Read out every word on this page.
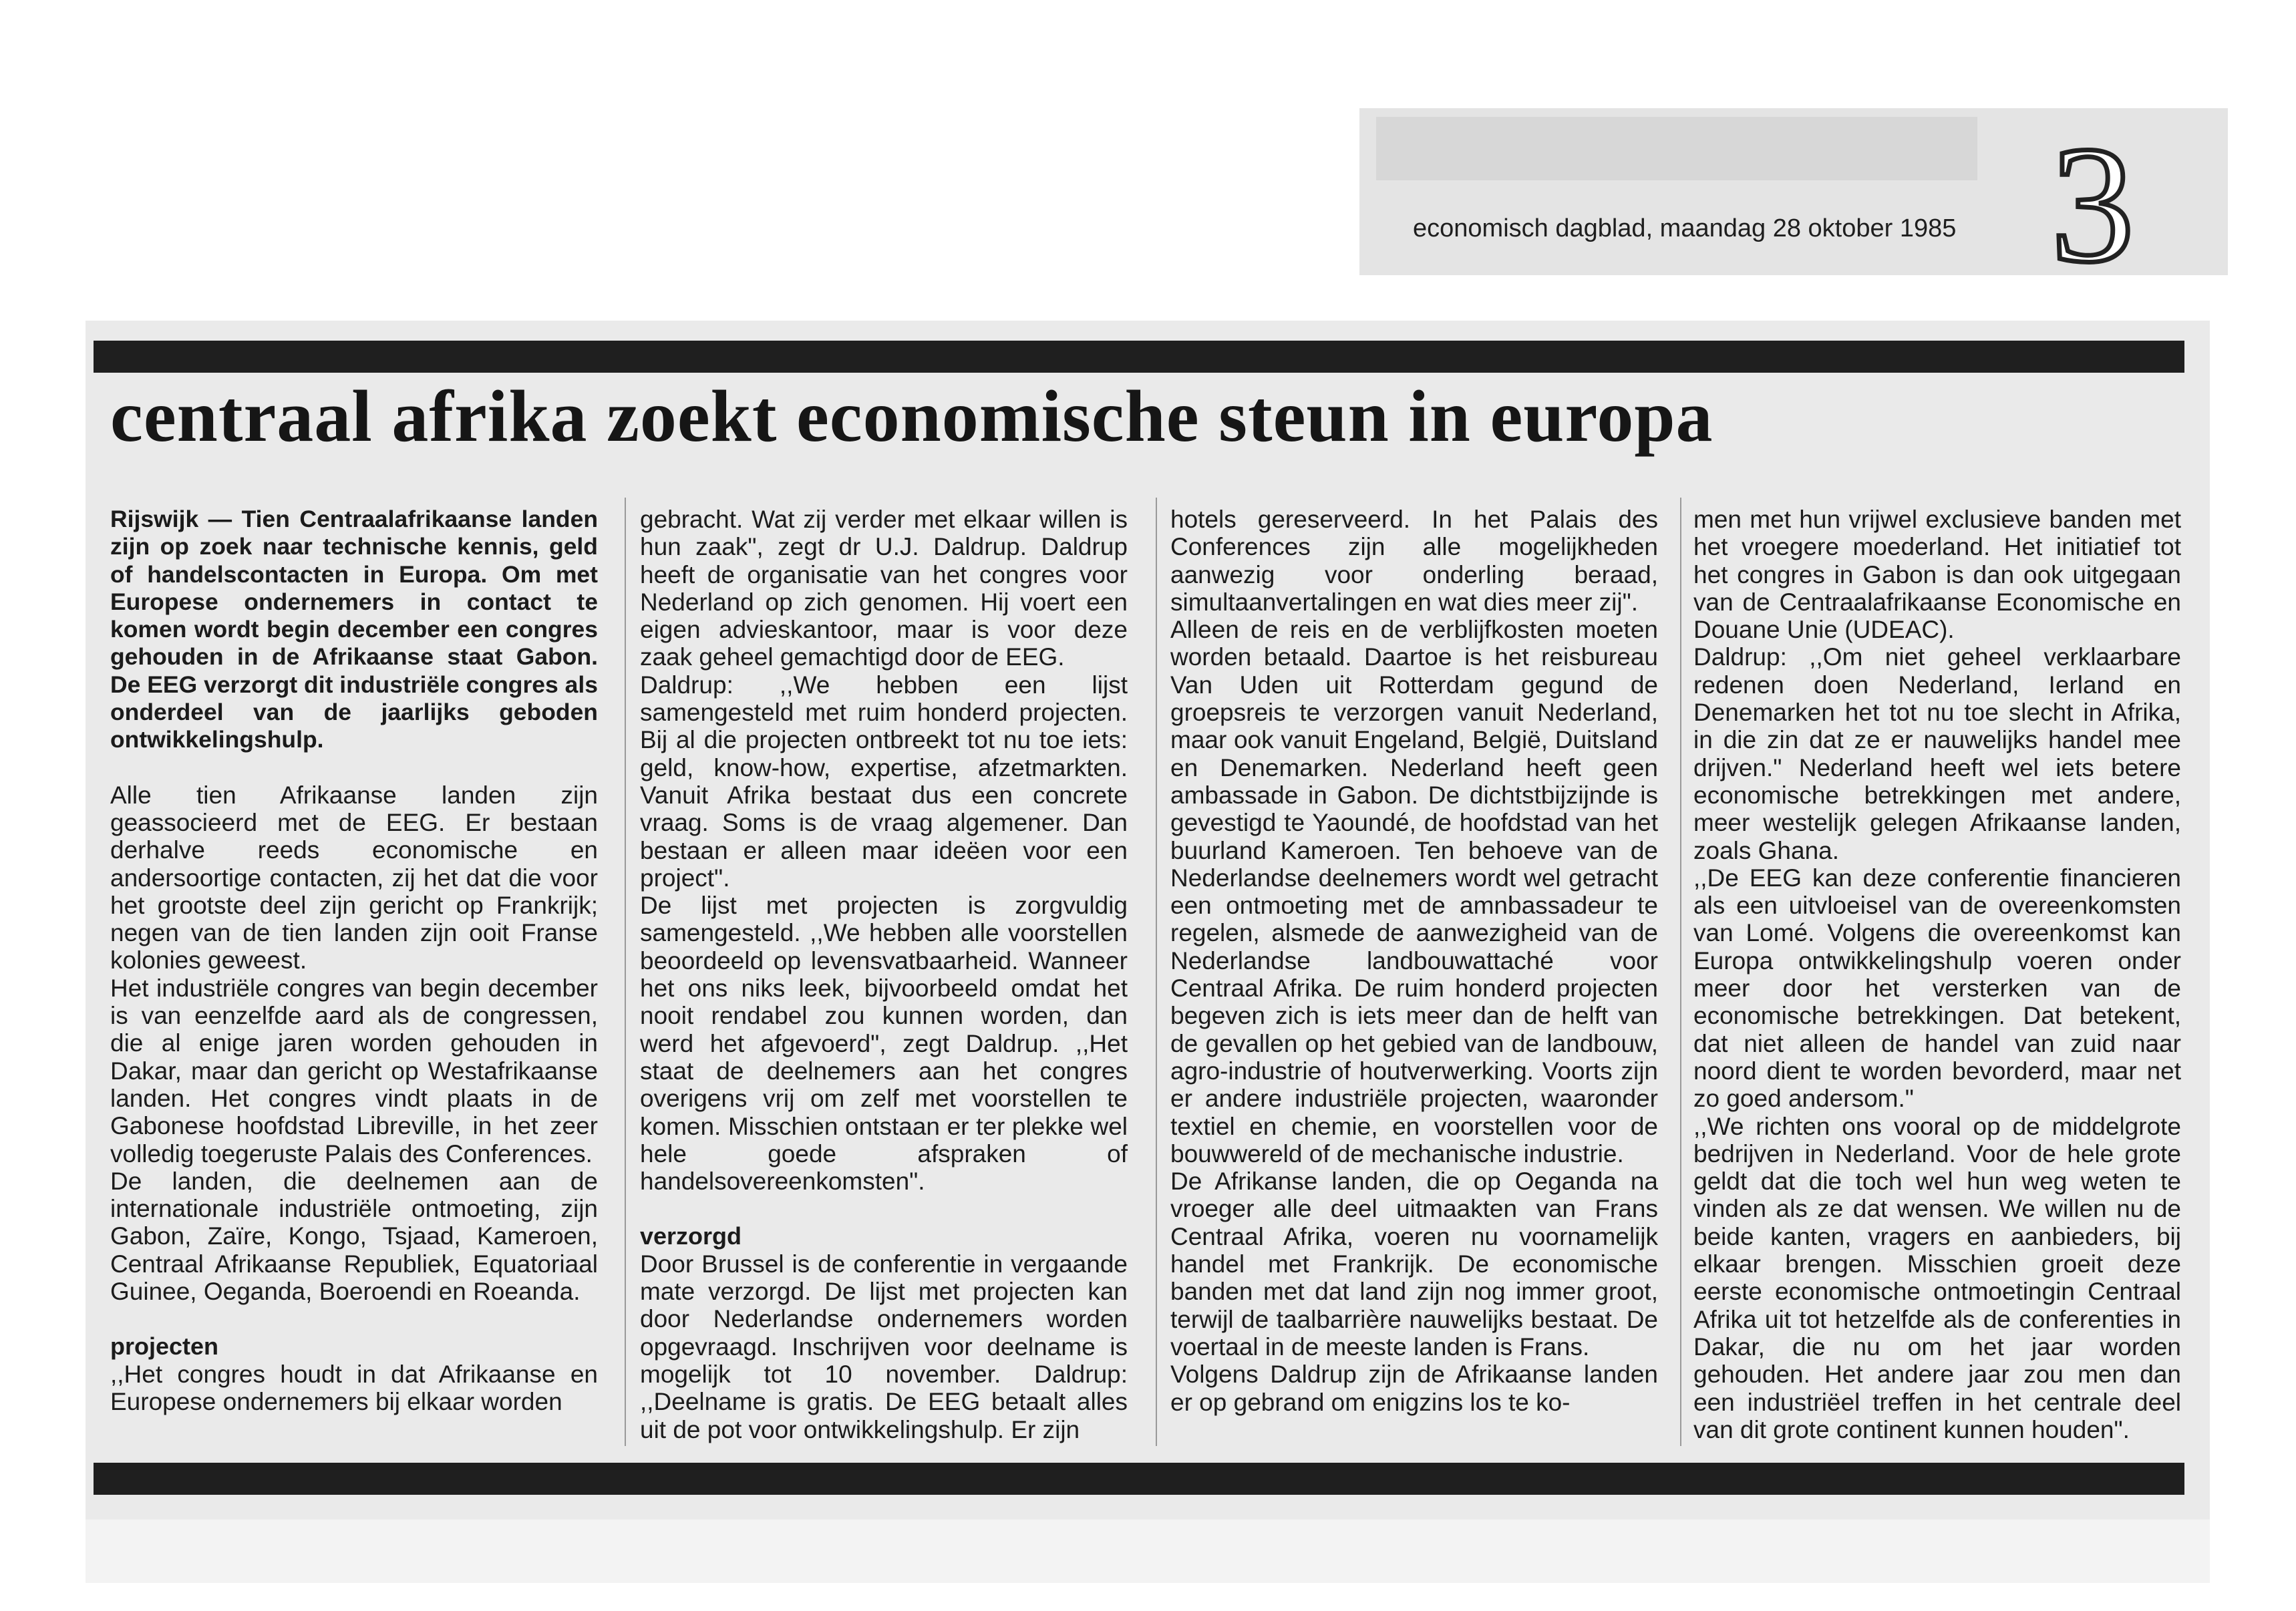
economisch dagblad, maandag 28 oktober 1985 3
centraal afrika zoekt economische steun in europa

Rijswijk — Tien Centraalafrikaanse landen zijn op zoek naar technische kennis, geld of handelscontacten in Europa. Om met Europese ondernemers in contact te komen wordt begin december een congres gehouden in de Afrikaanse staat Gabon. De EEG verzorgt dit industriële congres als onderdeel van de jaarlijks geboden ontwikkelingshulp.

Alle tien Afrikaanse landen zijn geassocieerd met de EEG. Er bestaan derhalve reeds economische en andersoortige contacten, zij het dat die voor het grootste deel zijn gericht op Frankrijk; negen van de tien landen zijn ooit Franse kolonies geweest.

Het industriële congres van begin december is van eenzelfde aard als de congressen, die al enige jaren worden gehouden in Dakar, maar dan gericht op Westafrikaanse landen. Het congres vindt plaats in de Gabonese hoofdstad Libreville, in het zeer volledig toegeruste Palais des Conferences.

De landen, die deelnemen aan de internationale industriële ontmoeting, zijn Gabon, Zaïre, Kongo, Tsjaad, Kameroen, Centraal Afrikaanse Republiek, Equatoriaal Guinee, Oeganda, Boeroendi en Roeanda.

projecten

,,Het congres houdt in dat Afrikaanse en Europese ondernemers bij elkaar worden

gebracht. Wat zij verder met elkaar willen is hun zaak", zegt dr U.J. Daldrup. Daldrup heeft de organisatie van het congres voor Nederland op zich genomen. Hij voert een eigen advieskantoor, maar is voor deze zaak geheel gemachtigd door de EEG.

Daldrup: ,,We hebben een lijst samengesteld met ruim honderd projecten. Bij al die projecten ontbreekt tot nu toe iets: geld, know-how, expertise, afzetmarkten. Vanuit Afrika bestaat dus een concrete vraag. Soms is de vraag algemener. Dan bestaan er alleen maar ideëen voor een project".

De lijst met projecten is zorgvuldig samengesteld. ,,We hebben alle voorstellen beoordeeld op levensvatbaarheid. Wanneer het ons niks leek, bijvoorbeeld omdat het nooit rendabel zou kunnen worden, dan werd het afgevoerd", zegt Daldrup. ,,Het staat de deelnemers aan het congres overigens vrij om zelf met voorstellen te komen. Misschien ontstaan er ter plekke wel hele goede afspraken of handelsovereenkomsten".

verzorgd

Door Brussel is de conferentie in vergaande mate verzorgd. De lijst met projecten kan door Nederlandse ondernemers worden opgevraagd. Inschrijven voor deelname is mogelijk tot 10 november. Daldrup: ,,Deelname is gratis. De EEG betaalt alles uit de pot voor ontwikkelingshulp. Er zijn

hotels gereserveerd. In het Palais des Conferences zijn alle mogelijkheden aanwezig voor onderling beraad, simultaanvertalingen en wat dies meer zij".

Alleen de reis en de verblijfkosten moeten worden betaald. Daartoe is het reisbureau Van Uden uit Rotterdam gegund de groepsreis te verzorgen vanuit Nederland, maar ook vanuit Engeland, België, Duitsland en Denemarken. Nederland heeft geen ambassade in Gabon. De dichtstbijzijnde is gevestigd te Yaoundé, de hoofdstad van het buurland Kameroen. Ten behoeve van de Nederlandse deelnemers wordt wel getracht een ontmoeting met de amnbassadeur te regelen, alsmede de aanwezigheid van de Nederlandse landbouwattaché voor Centraal Afrika. De ruim honderd projecten begeven zich is iets meer dan de helft van de gevallen op het gebied van de landbouw, agro-industrie of houtverwerking. Voorts zijn er andere industriële projecten, waaronder textiel en chemie, en voorstellen voor de bouwwereld of de mechanische industrie.

De Afrikanse landen, die op Oeganda na vroeger alle deel uitmaakten van Frans Centraal Afrika, voeren nu voornamelijk handel met Frankrijk. De economische banden met dat land zijn nog immer groot, terwijl de taalbarrière nauwelijks bestaat. De voertaal in de meeste landen is Frans.

Volgens Daldrup zijn de Afrikaanse landen er op gebrand om enigzins los te ko-

men met hun vrijwel exclusieve banden met het vroegere moederland. Het initiatief tot het congres in Gabon is dan ook uitgegaan van de Centraalafrikaanse Economische en Douane Unie (UDEAC).

Daldrup: ,,Om niet geheel verklaarbare redenen doen Nederland, Ierland en Denemarken het tot nu toe slecht in Afrika, in die zin dat ze er nauwelijks handel mee drijven." Nederland heeft wel iets betere economische betrekkingen met andere, meer westelijk gelegen Afrikaanse landen, zoals Ghana.

,,De EEG kan deze conferentie financieren als een uitvloeisel van de overeenkomsten van Lomé. Volgens die overeenkomst kan Europa ontwikkelingshulp voeren onder meer door het versterken van de economische betrekkingen. Dat betekent, dat niet alleen de handel van zuid naar noord dient te worden bevorderd, maar net zo goed andersom."

,,We richten ons vooral op de middelgrote bedrijven in Nederland. Voor de hele grote geldt dat die toch wel hun weg weten te vinden als ze dat wensen. We willen nu de beide kanten, vragers en aanbieders, bij elkaar brengen. Misschien groeit deze eerste economische ontmoetingin Centraal Afrika uit tot hetzelfde als de conferenties in Dakar, die nu om het jaar worden gehouden. Het andere jaar zou men dan een industriëel treffen in het centrale deel van dit grote continent kunnen houden".
